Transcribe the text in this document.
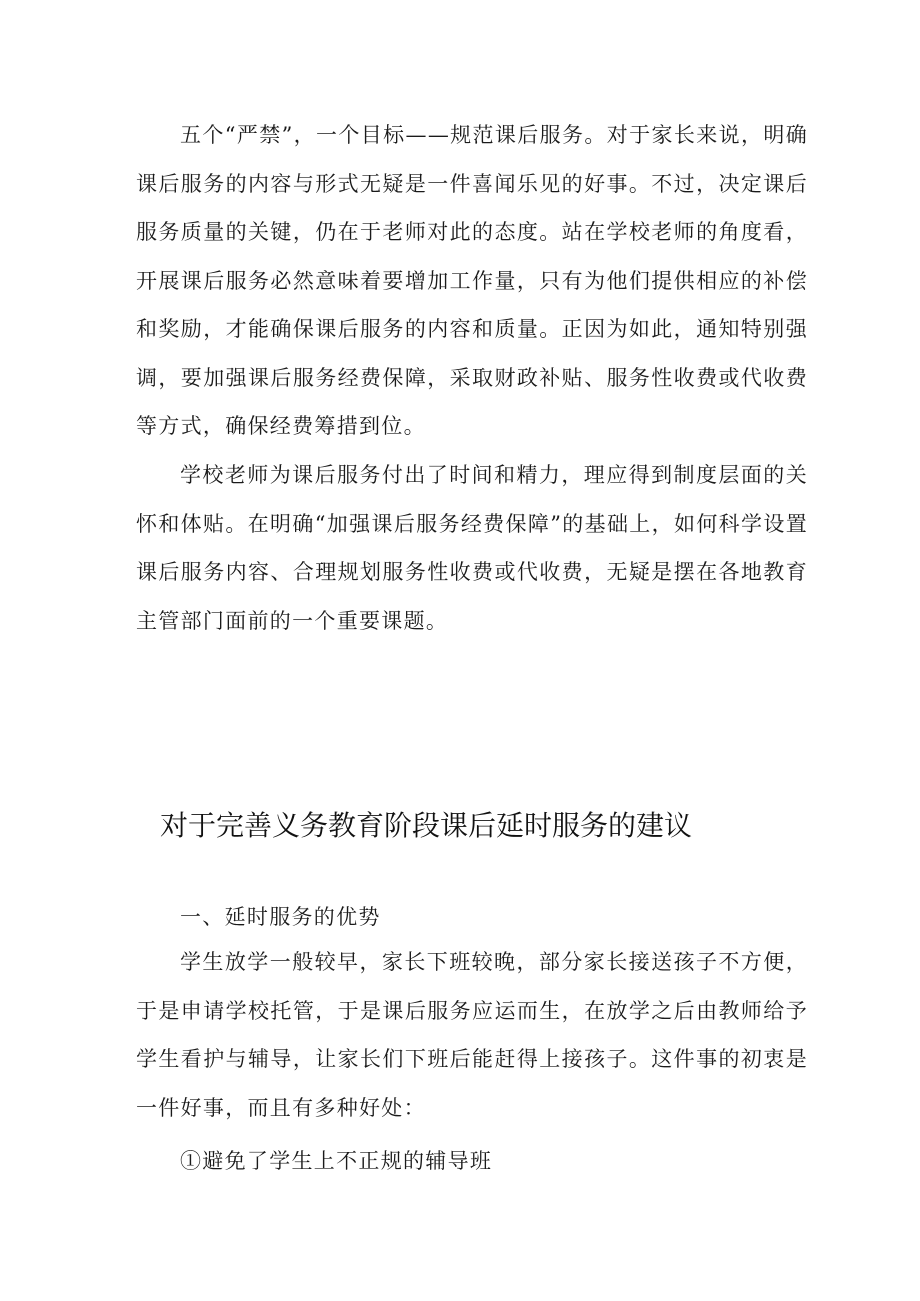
五个“严禁”，一个目标——规范课后服务。对于家长来说，明确课后服务的内容与形式无疑是一件喜闻乐见的好事。不过，决定课后服务质量的关键，仍在于老师对此的态度。站在学校老师的角度看，开展课后服务必然意味着要增加工作量，只有为他们提供相应的补偿和奖励，才能确保课后服务的内容和质量。正因为如此，通知特别强调，要加强课后服务经费保障，采取财政补贴、服务性收费或代收费等方式，确保经费筹措到位。

学校老师为课后服务付出了时间和精力，理应得到制度层面的关怀和体贴。在明确“加强课后服务经费保障”的基础上，如何科学设置课后服务内容、合理规划服务性收费或代收费，无疑是摆在各地教育主管部门面前的一个重要课题。

对于完善义务教育阶段课后延时服务的建议

一、延时服务的优势

学生放学一般较早，家长下班较晚，部分家长接送孩子不方便，于是申请学校托管，于是课后服务应运而生，在放学之后由教师给予学生看护与辅导，让家长们下班后能赶得上接孩子。这件事的初衷是一件好事，而且有多种好处：

①避免了学生上不正规的辅导班
